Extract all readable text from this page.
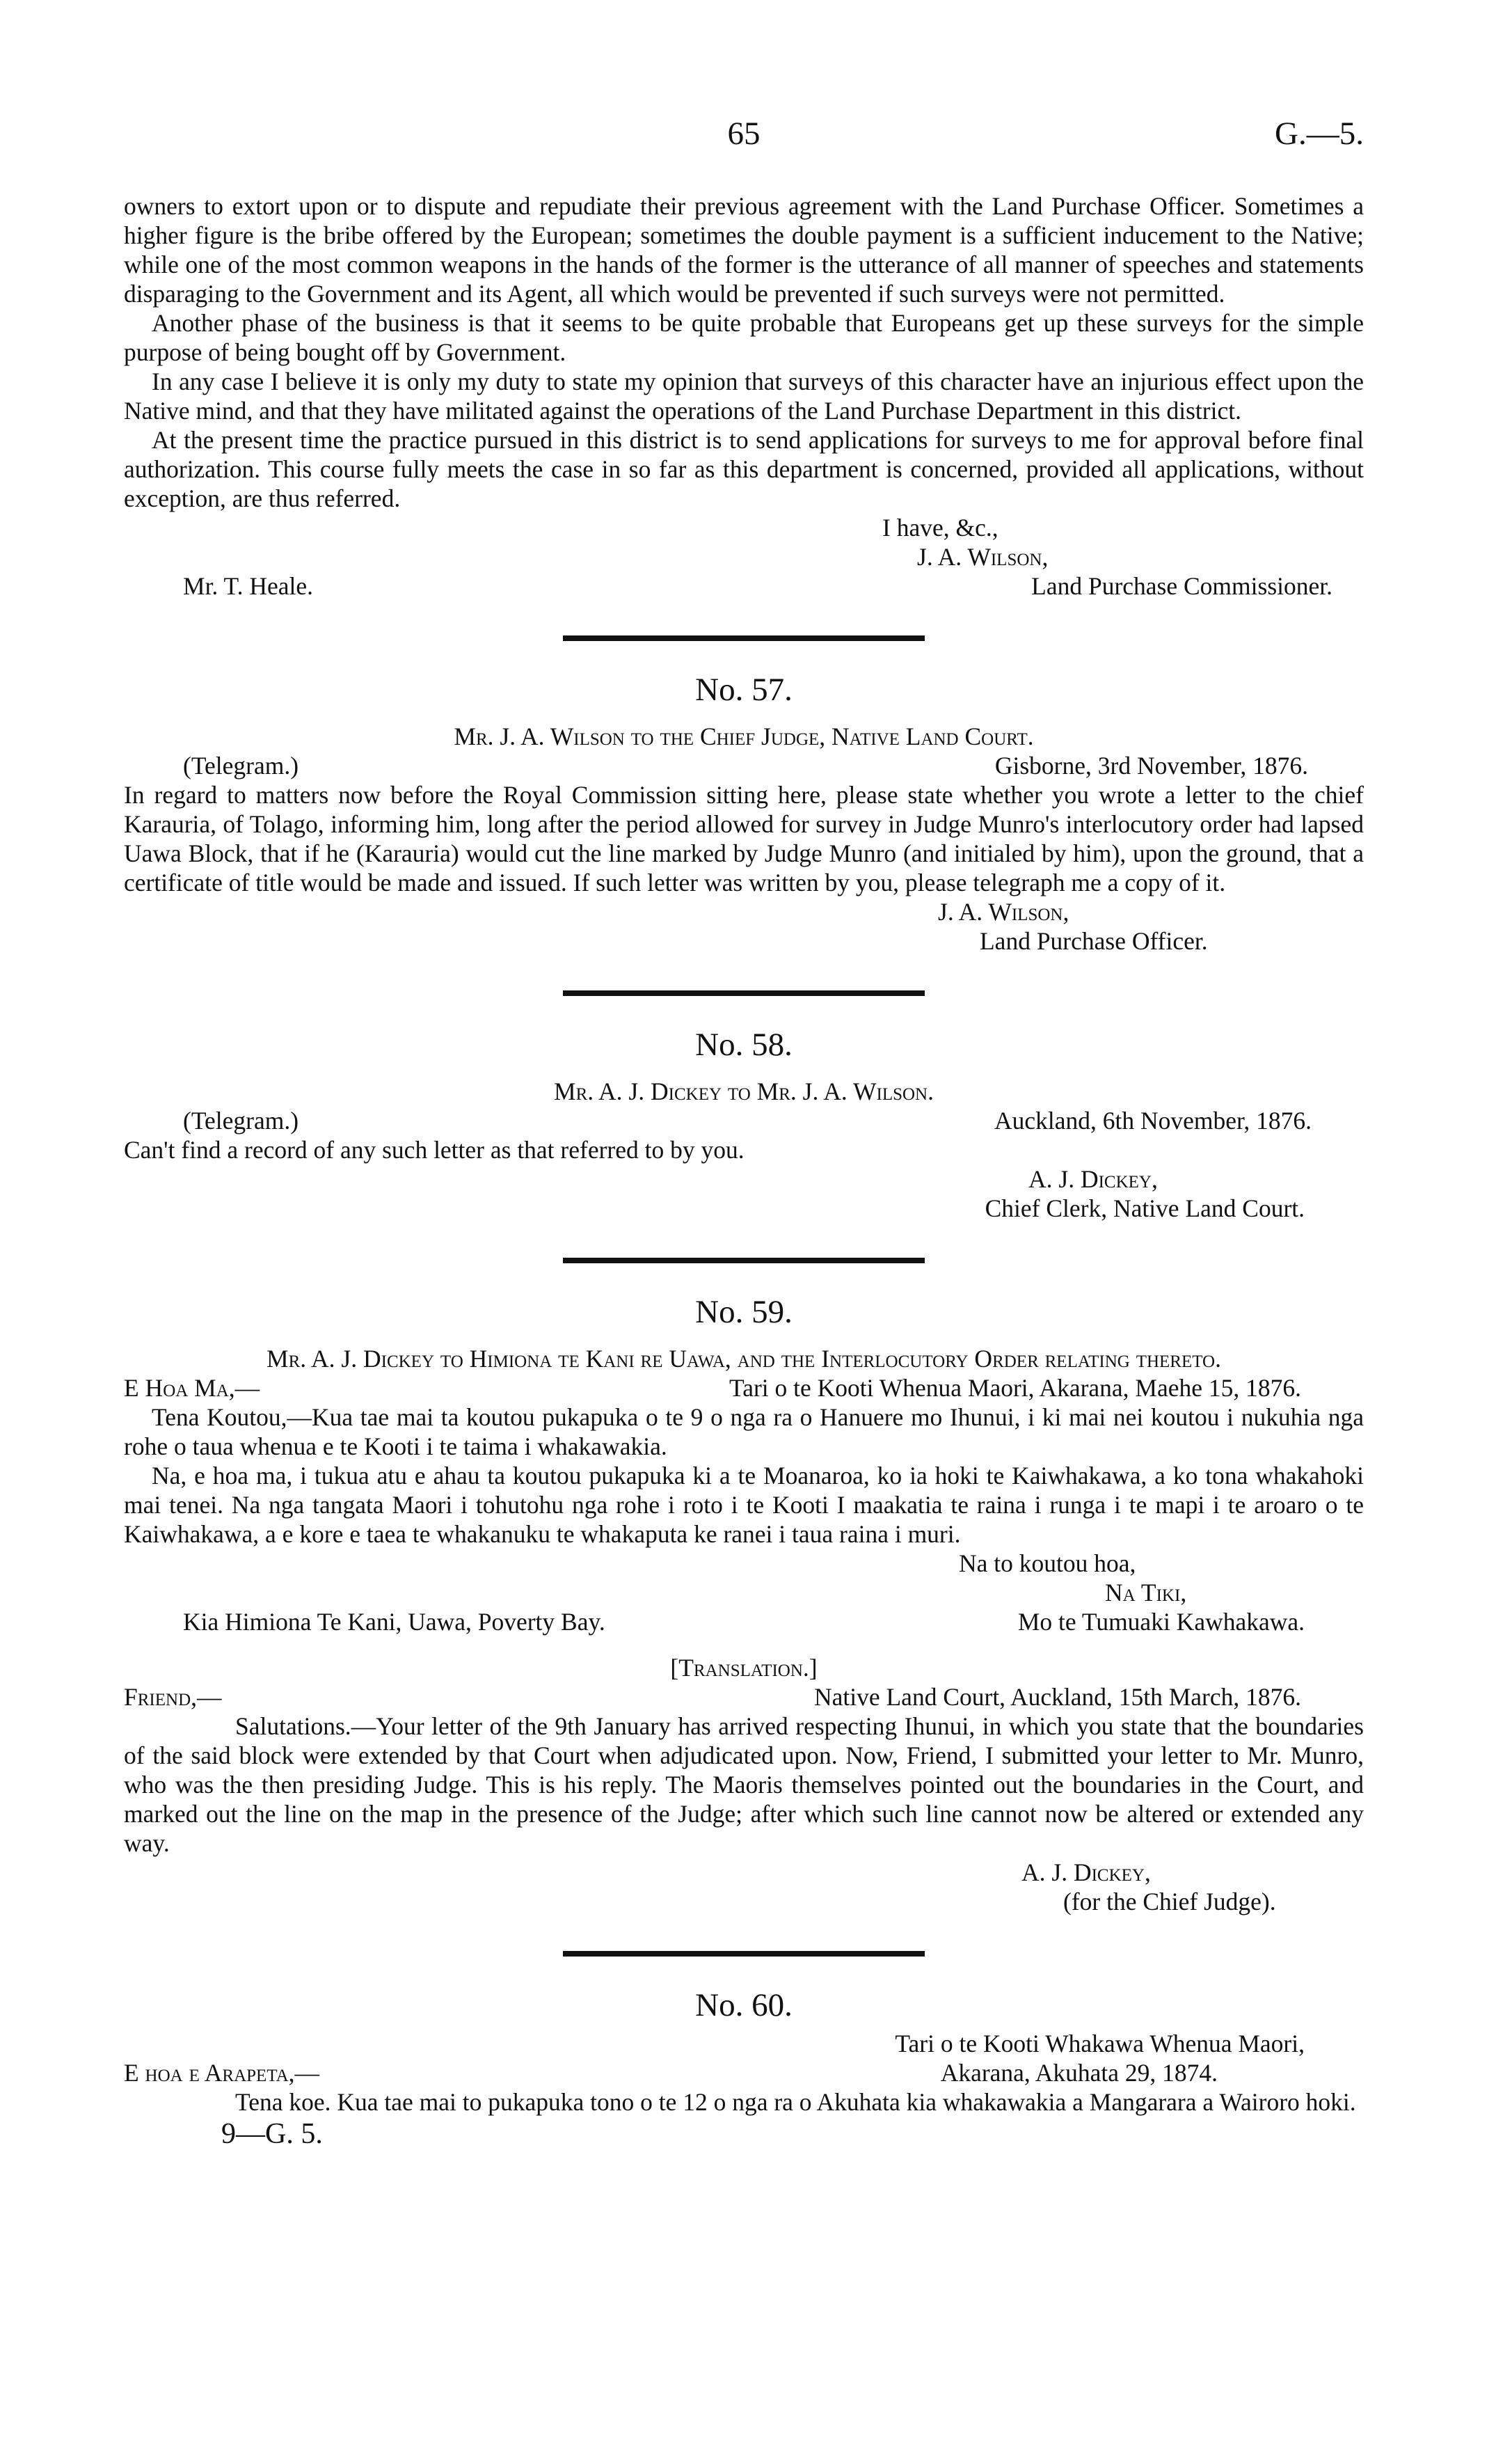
65	G.—5.

owners to extort upon or to dispute and repudiate their previous agreement with the Land Purchase Officer. Sometimes a higher figure is the bribe offered by the European; sometimes the double payment is a sufficient inducement to the Native; while one of the most common weapons in the hands of the former is the utterance of all manner of speeches and statements disparaging to the Government and its Agent, all which would be prevented if such surveys were not permitted.

Another phase of the business is that it seems to be quite probable that Europeans get up these surveys for the simple purpose of being bought off by Government.

In any case I believe it is only my duty to state my opinion that surveys of this character have an injurious effect upon the Native mind, and that they have militated against the operations of the Land Purchase Department in this district.

At the present time the practice pursued in this district is to send applications for surveys to me for approval before final authorization. This course fully meets the case in so far as this department is concerned, provided all applications, without exception, are thus referred.

I have, &c.,
J. A. Wilson,
Mr. T. Heale.	Land Purchase Commissioner.
No. 57.
Mr. J. A. Wilson to the Chief Judge, Native Land Court.
(Telegram.)	Gisborne, 3rd November, 1876.

In regard to matters now before the Royal Commission sitting here, please state whether you wrote a letter to the chief Karauria, of Tolago, informing him, long after the period allowed for survey in Judge Munro's interlocutory order had lapsed Uawa Block, that if he (Karauria) would cut the line marked by Judge Munro (and initialed by him), upon the ground, that a certificate of title would be made and issued. If such letter was written by you, please telegraph me a copy of it.

J. A. Wilson,
Land Purchase Officer.
No. 58.
Mr. A. J. Dickey to Mr. J. A. Wilson.
(Telegram.)	Auckland, 6th November, 1876.

Can't find a record of any such letter as that referred to by you.

A. J. Dickey,
Chief Clerk, Native Land Court.
No. 59.
Mr. A. J. Dickey to Himiona te Kani re Uawa, and the Interlocutory Order relating thereto.
E Hoa Ma,—	Tari o te Kooti Whenua Maori, Akarana, Maehe 15, 1876.

Tena Koutou,—Kua tae mai ta koutou pukapuka o te 9 o nga ra o Hanuere mo Ihunui, i ki mai nei koutou i nukuhia nga rohe o taua whenua e te Kooti i te taima i whakawakia.

Na, e hoa ma, i tukua atu e ahau ta koutou pukapuka ki a te Moanaroa, ko ia hoki te Kaiwhakawa, a ko tona whakahoki mai tenei. Na nga tangata Maori i tohutohu nga rohe i roto i te Kooti I maakatia te raina i runga i te mapi i te aroaro o te Kaiwhakawa, a e kore e taea te whakanuku te whakaputa ke ranei i taua raina i muri.

Na to koutou hoa,
Na Tiki,
Kia Himiona Te Kani, Uawa, Poverty Bay.	Mo te Tumuaki Kawhakawa.
[Translation.]
Friend,—	Native Land Court, Auckland, 15th March, 1876.

Salutations.—Your letter of the 9th January has arrived respecting Ihunui, in which you state that the boundaries of the said block were extended by that Court when adjudicated upon. Now, Friend, I submitted your letter to Mr. Munro, who was the then presiding Judge. This is his reply. The Maoris themselves pointed out the boundaries in the Court, and marked out the line on the map in the presence of the Judge; after which such line cannot now be altered or extended any way.

A. J. Dickey,
(for the Chief Judge).
No. 60.
Tari o te Kooti Whakawa Whenua Maori,
E hoa e Arapeta,—	Akarana, Akuhata 29, 1874.

Tena koe. Kua tae mai to pukapuka tono o te 12 o nga ra o Akuhata kia whakawakia a Mangarara a Wairoro hoki.

9—G. 5.
